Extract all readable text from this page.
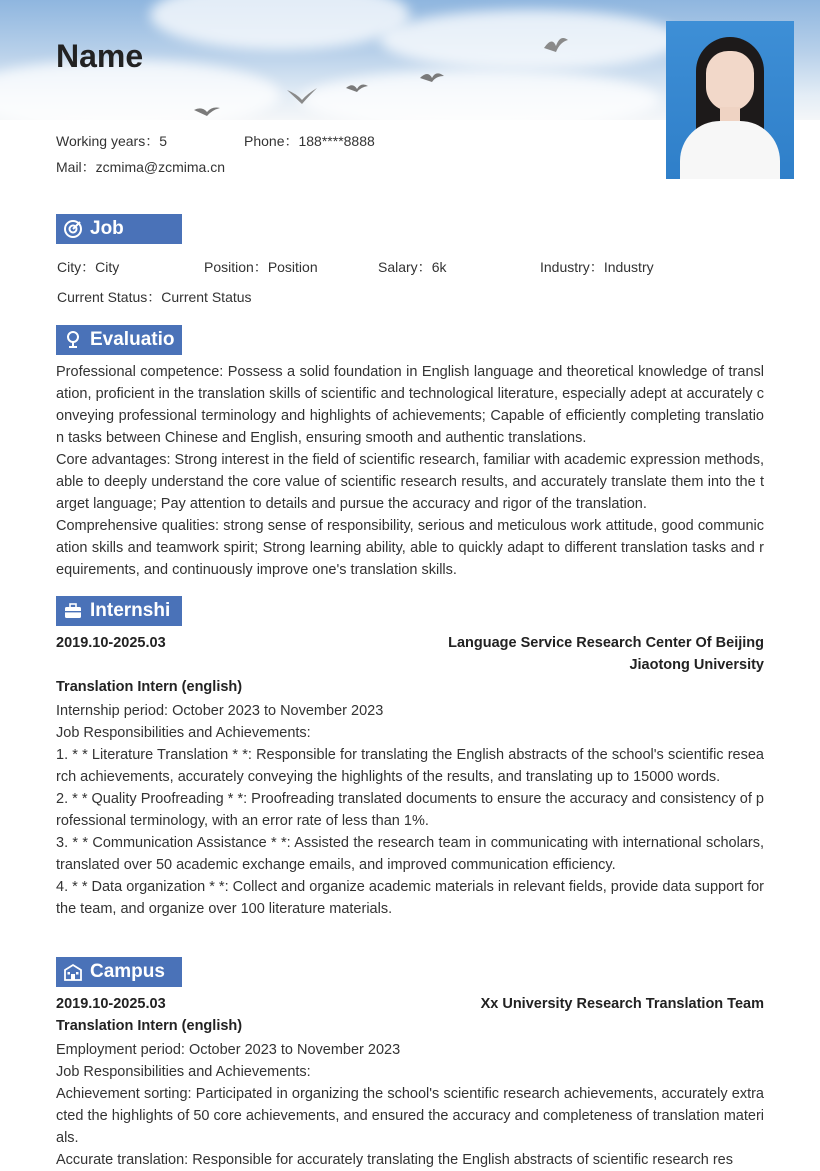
Name
Working years：5	Phone：188****8888
Mail：zcmima@zcmima.cn
Job
City：City	Position：Position	Salary：6k	Industry：Industry
Current Status：Current Status
Evaluatio

Professional competence: Possess a solid foundation in English language and theoretical knowledge of translation, proficient in the translation skills of scientific and technological literature, especially adept at accurately conveying professional terminology and highlights of achievements; Capable of efficiently completing translation tasks between Chinese and English, ensuring smooth and authentic translations.

Core advantages: Strong interest in the field of scientific research, familiar with academic expression methods, able to deeply understand the core value of scientific research results, and accurately translate them into the target language; Pay attention to details and pursue the accuracy and rigor of the translation.

Comprehensive qualities: strong sense of responsibility, serious and meticulous work attitude, good communication skills and teamwork spirit; Strong learning ability, able to quickly adapt to different translation tasks and requirements, and continuously improve one's translation skills.

Internshi
2019.10-2025.03	Language Service Research Center Of Beijing Jiaotong University
Translation Intern (english)

Internship period: October 2023 to November 2023

Job Responsibilities and Achievements:

1. * * Literature Translation * *: Responsible for translating the English abstracts of the school's scientific research achievements, accurately conveying the highlights of the results, and translating up to 15000 words.

2. * * Quality Proofreading * *: Proofreading translated documents to ensure the accuracy and consistency of professional terminology, with an error rate of less than 1%.

3. * * Communication Assistance * *: Assisted the research team in communicating with international scholars, translated over 50 academic exchange emails, and improved communication efficiency.

4. * * Data organization * *: Collect and organize academic materials in relevant fields, provide data support for the team, and organize over 100 literature materials.

Campus
2019.10-2025.03	Xx University Research Translation Team
Translation Intern (english)

Employment period: October 2023 to November 2023

Job Responsibilities and Achievements:

Achievement sorting: Participated in organizing the school's scientific research achievements, accurately extracted the highlights of 50 core achievements, and ensured the accuracy and completeness of translation materials.

Accurate translation: Responsible for accurately translating the English abstracts of scientific research res
